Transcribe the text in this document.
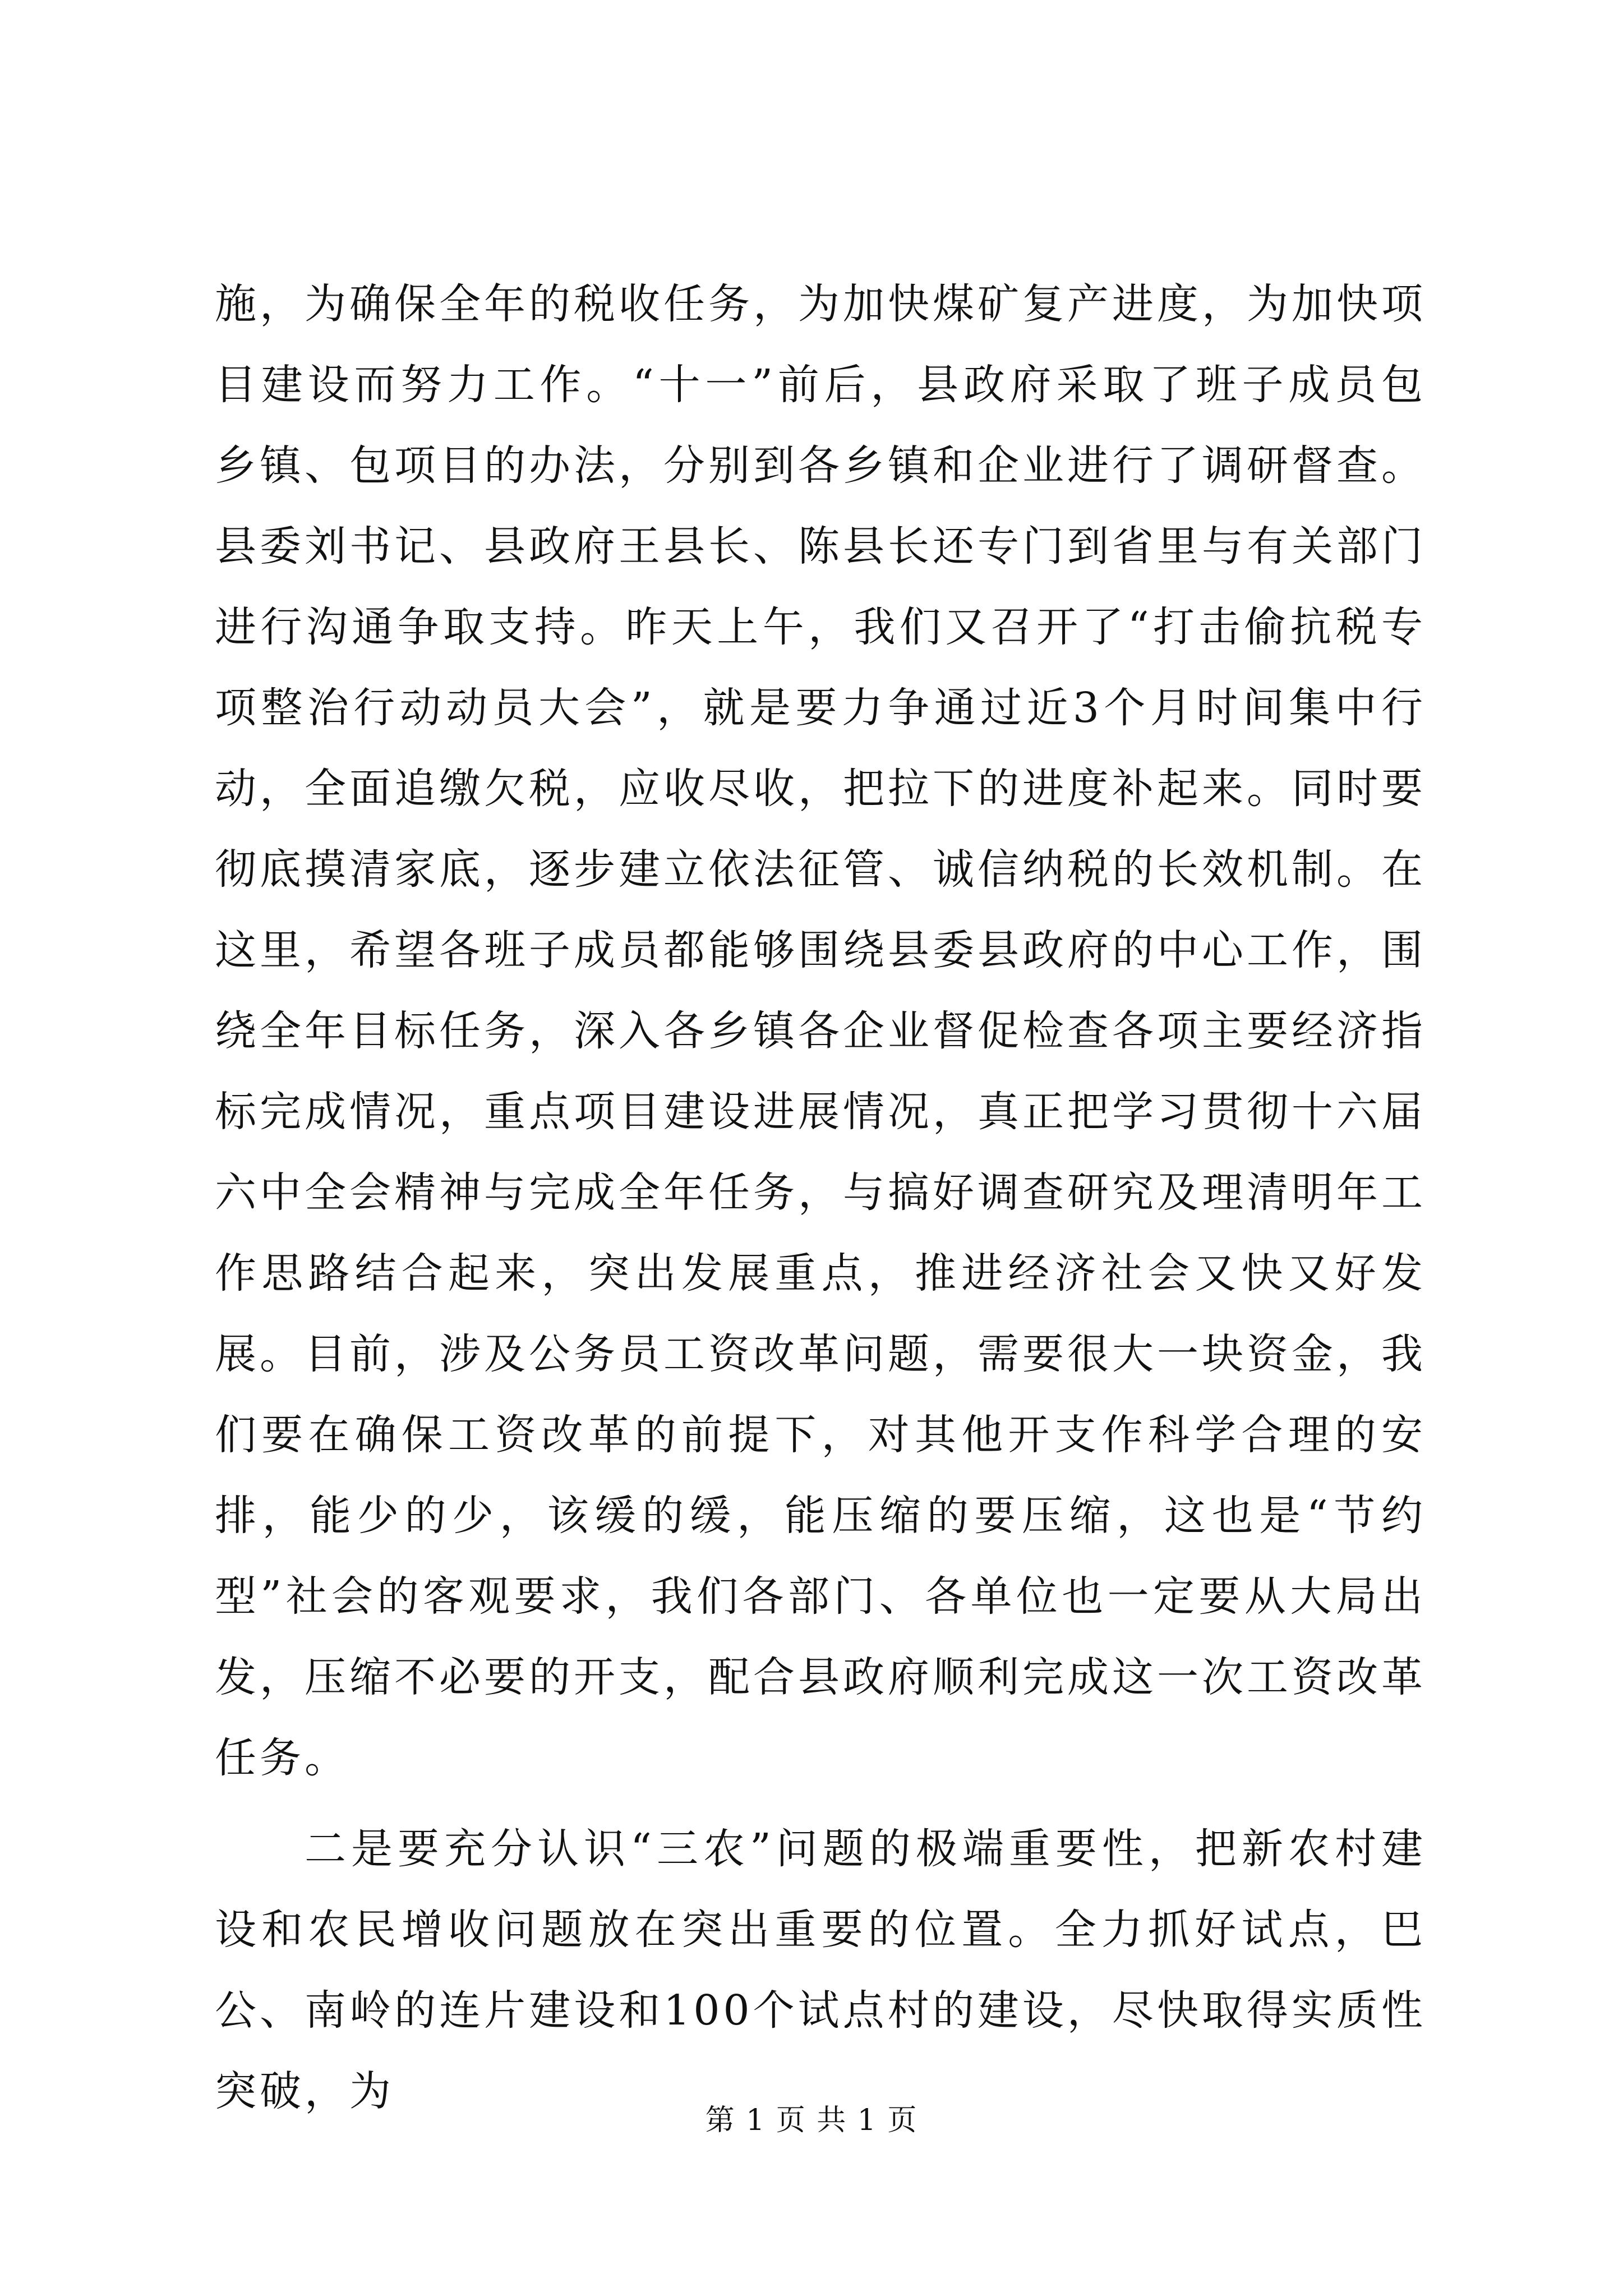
施，为确保全年的税收任务，为加快煤矿复产进度，为加快项目建设而努力工作。“十一”前后，县政府采取了班子成员包乡镇、包项目的办法，分别到各乡镇和企业进行了调研督查。县委刘书记、县政府王县长、陈县长还专门到省里与有关部门进行沟通争取支持。昨天上午，我们又召开了“打击偷抗税专项整治行动动员大会”，就是要力争通过近3个月时间集中行动，全面追缴欠税，应收尽收，把拉下的进度补起来。同时要彻底摸清家底，逐步建立依法征管、诚信纳税的长效机制。在这里，希望各班子成员都能够围绕县委县政府的中心工作，围绕全年目标任务，深入各乡镇各企业督促检查各项主要经济指标完成情况，重点项目建设进展情况，真正把学习贯彻十六届六中全会精神与完成全年任务，与搞好调查研究及理清明年工作思路结合起来，突出发展重点，推进经济社会又快又好发展。目前，涉及公务员工资改革问题，需要很大一块资金，我们要在确保工资改革的前提下，对其他开支作科学合理的安排，能少的少，该缓的缓，能压缩的要压缩，这也是“节约型”社会的客观要求，我们各部门、各单位也一定要从大局出发，压缩不必要的开支，配合县政府顺利完成这一次工资改革任务。

二是要充分认识“三农”问题的极端重要性，把新农村建设和农民增收问题放在突出重要的位置。全力抓好试点，巴公、南岭的连片建设和100个试点村的建设，尽快取得实质性突破，为

第 1 页 共 1 页
